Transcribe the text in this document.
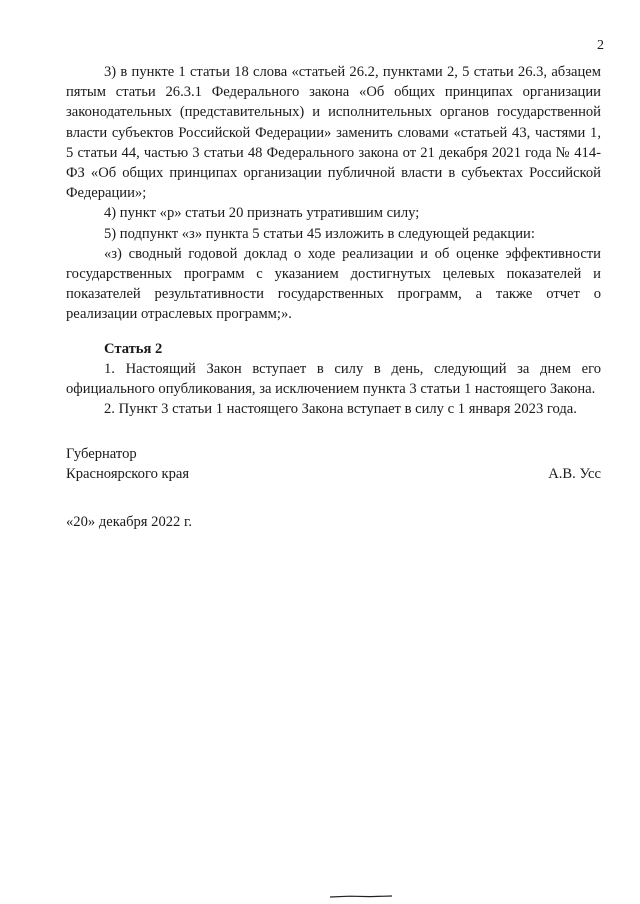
2

3) в пункте 1 статьи 18 слова «статьей 26.2, пунктами 2, 5 статьи 26.3, абзацем пятым статьи 26.3.1 Федерального закона «Об общих принципах организации законодательных (представительных) и исполнительных органов государственной власти субъектов Российской Федерации» заменить словами «статьей 43, частями 1, 5 статьи 44, частью 3 статьи 48 Федерального закона от 21 декабря 2021 года № 414-ФЗ «Об общих принципах организации публичной власти в субъектах Российской Федерации»;

4) пункт «р» статьи 20 признать утратившим силу;

5) подпункт «з» пункта 5 статьи 45 изложить в следующей редакции:

«з) сводный годовой доклад о ходе реализации и об оценке эффективности государственных программ с указанием достигнутых целевых показателей и показателей результативности государственных программ, а также отчет о реализации отраслевых программ;».

Статья 2

1. Настоящий Закон вступает в силу в день, следующий за днем его официального опубликования, за исключением пункта 3 статьи 1 настоящего Закона.

2. Пункт 3 статьи 1 настоящего Закона вступает в силу с 1 января 2023 года.

Губернатор
Красноярского края	А.В. Усс
«20» декабря 2022 г.
